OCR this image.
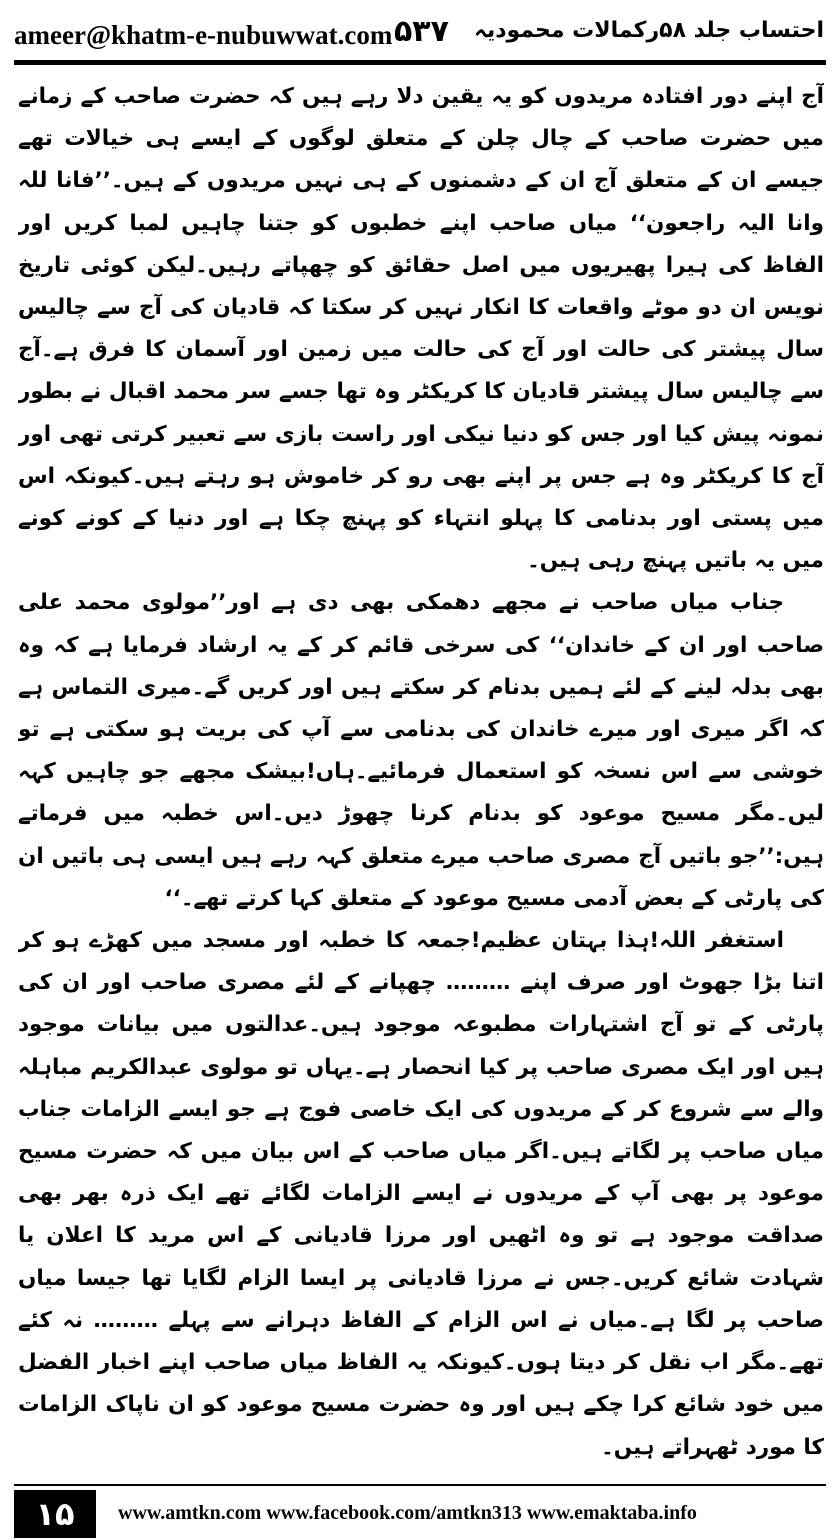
ameer@khatm-e-nubuwwat.com ۵۳۷ احتساب جلد ۵۸رکمالات محمودیہ

آج اپنے دور افتادہ مریدوں کو یہ یقین دلا رہے ہیں کہ حضرت صاحب کے زمانے میں حضرت صاحب کے چال چلن کے متعلق لوگوں کے ایسے ہی خیالات تھے جیسے ان کے متعلق آج ان کے دشمنوں کے ہی نہیں مریدوں کے ہیں۔’’فانا للہ وانا الیہ راجعون‘‘ میاں صاحب اپنے خطبوں کو جتنا چاہیں لمبا کریں اور الفاظ کی ہیرا پھیریوں میں اصل حقائق کو چھپاتے رہیں۔لیکن کوئی تاریخ نویس ان دو موٹے واقعات کا انکار نہیں کر سکتا کہ قادیان کی آج سے چالیس سال پیشتر کی حالت اور آج کی حالت میں زمین اور آسمان کا فرق ہے۔آج سے چالیس سال پیشتر قادیان کا کریکٹر وہ تھا جسے سر محمد اقبال نے بطور نمونہ پیش کیا اور جس کو دنیا نیکی اور راست بازی سے تعبیر کرتی تھی اور آج کا کریکٹر وہ ہے جس پر اپنے بھی رو کر خاموش ہو رہتے ہیں۔کیونکہ اس میں پستی اور بدنامی کا پہلو انتہاء کو پہنچ چکا ہے اور دنیا کے کونے کونے میں یہ باتیں پہنچ رہی ہیں۔

جناب میاں صاحب نے مجھے دھمکی بھی دی ہے اور’’مولوی محمد علی صاحب اور ان کے خاندان‘‘ کی سرخی قائم کر کے یہ ارشاد فرمایا ہے کہ وہ بھی بدلہ لینے کے لئے ہمیں بدنام کر سکتے ہیں اور کریں گے۔میری التماس ہے کہ اگر میری اور میرے خاندان کی بدنامی سے آپ کی بریت ہو سکتی ہے تو خوشی سے اس نسخہ کو استعمال فرمائیے۔ہاں!بیشک مجھے جو چاہیں کہہ لیں۔مگر مسیح موعود کو بدنام کرنا چھوڑ دیں۔اس خطبہ میں فرماتے ہیں:’’جو باتیں آج مصری صاحب میرے متعلق کہہ رہے ہیں ایسی ہی باتیں ان کی پارٹی کے بعض آدمی مسیح موعود کے متعلق کہا کرتے تھے۔‘‘

استغفر اللہ!ہذا بہتان عظیم!جمعہ کا خطبہ اور مسجد میں کھڑے ہو کر اتنا بڑا جھوٹ اور صرف اپنے ……… چھپانے کے لئے مصری صاحب اور ان کی پارٹی کے تو آج اشتہارات مطبوعہ موجود ہیں۔عدالتوں میں بیانات موجود ہیں اور ایک مصری صاحب پر کیا انحصار ہے۔یہاں تو مولوی عبدالکریم مباہلہ والے سے شروع کر کے مریدوں کی ایک خاصی فوج ہے جو ایسے الزامات جناب میاں صاحب پر لگاتے ہیں۔اگر میاں صاحب کے اس بیان میں کہ حضرت مسیح موعود پر بھی آپ کے مریدوں نے ایسے الزامات لگائے تھے ایک ذرہ بھر بھی صداقت موجود ہے تو وہ اٹھیں اور مرزا قادیانی کے اس مرید کا اعلان یا شہادت شائع کریں۔جس نے مرزا قادیانی پر ایسا الزام لگایا تھا جیسا میاں صاحب پر لگا ہے۔میاں نے اس الزام کے الفاظ دہرانے سے پہلے ……… نہ کئے تھے۔مگر اب نقل کر دیتا ہوں۔کیونکہ یہ الفاظ میاں صاحب اپنے اخبار الفضل میں خود شائع کرا چکے ہیں اور وہ حضرت مسیح موعود کو ان ناپاک الزامات کا مورد ٹھہراتے ہیں۔

۱۵	www.amtkn.com www.facebook.com/amtkn313 www.emaktaba.info
